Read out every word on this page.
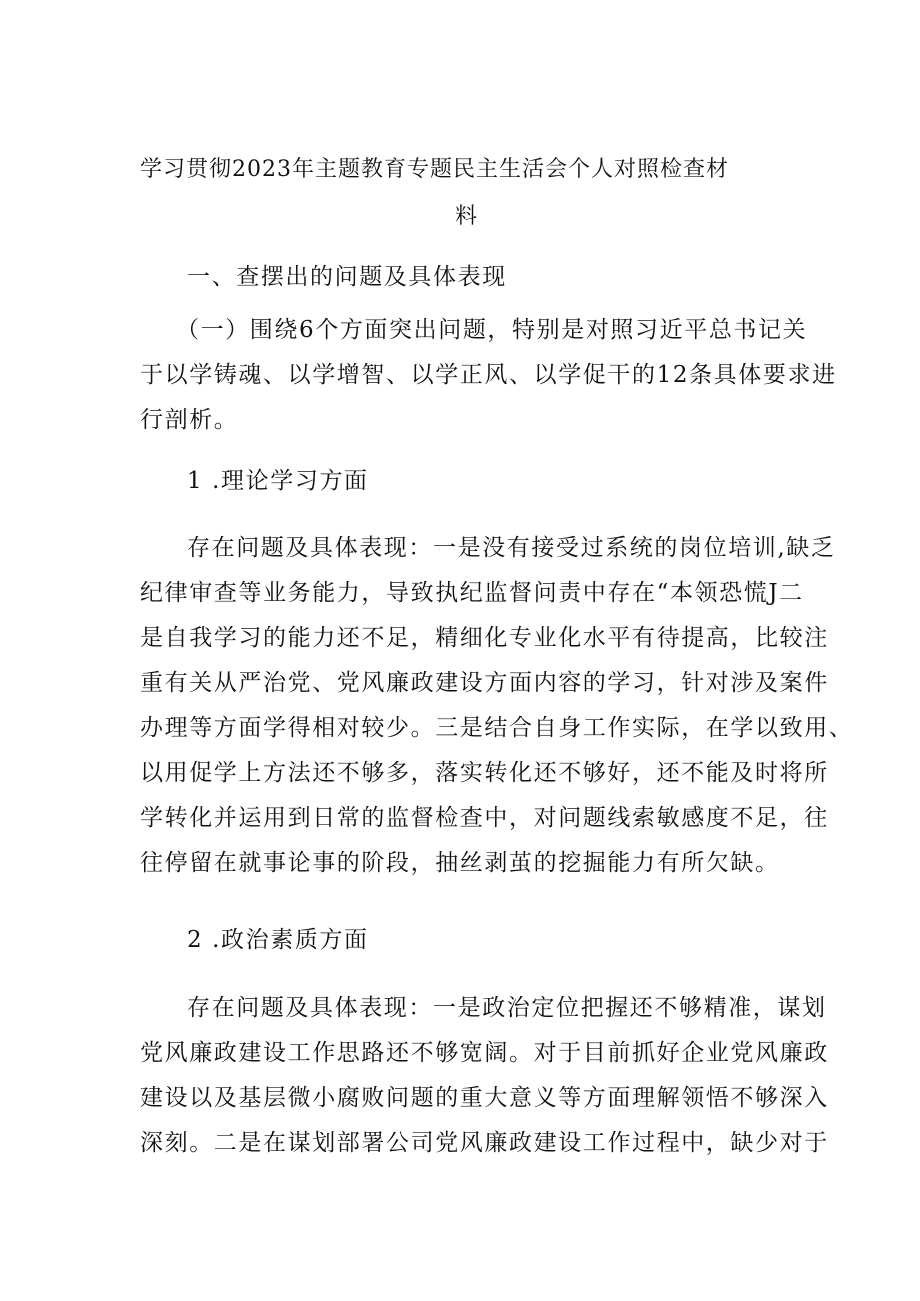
学习贯彻2023年主题教育专题民主生活会个人对照检查材
料
一、查摆出的问题及具体表现
（一）围绕6个方面突出问题，特别是对照习近平总书记关
于以学铸魂、以学增智、以学正风、以学促干的12条具体要求进
行剖析。
1 .理论学习方面
存在问题及具体表现：一是没有接受过系统的岗位培训,缺乏
纪律审查等业务能力，导致执纪监督问责中存在“本领恐慌J二
是自我学习的能力还不足，精细化专业化水平有待提高，比较注
重有关从严治党、党风廉政建设方面内容的学习，针对涉及案件
办理等方面学得相对较少。三是结合自身工作实际，在学以致用、
以用促学上方法还不够多，落实转化还不够好，还不能及时将所
学转化并运用到日常的监督检查中，对问题线索敏感度不足，往
往停留在就事论事的阶段，抽丝剥茧的挖掘能力有所欠缺。
2 .政治素质方面
存在问题及具体表现：一是政治定位把握还不够精准，谋划
党风廉政建设工作思路还不够宽阔。对于目前抓好企业党风廉政
建设以及基层微小腐败问题的重大意义等方面理解领悟不够深入
深刻。二是在谋划部署公司党风廉政建设工作过程中，缺少对于
